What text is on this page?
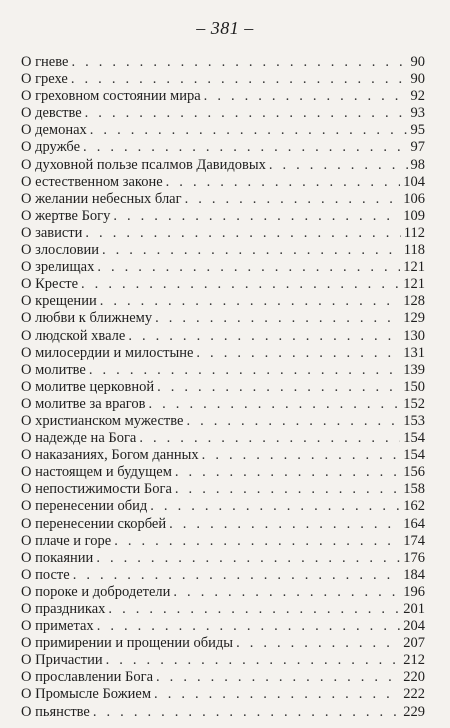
– 381 –
О гневе . . .	90
О грехе . . .	90
О греховном состоянии мира . . .	92
О девстве . . .	93
О демонах . . .	95
О дружбе . . .	97
О духовной пользе псалмов Давидовых . . .	98
О естественном законе . . .	104
О желании небесных благ . . .	106
О жертве Богу . . .	109
О зависти . . .	112
О злословии . . .	118
О зрелищах . . .	121
О Кресте . . .	121
О крещении . . .	128
О любви к ближнему . . .	129
О людской хвале . . .	130
О милосердии и милостыне . . .	131
О молитве . . .	139
О молитве церковной . . .	150
О молитве за врагов . . .	152
О христианском мужестве . . .	153
О надежде на Бога . . .	154
О наказаниях, Богом данных . . .	154
О настоящем и будущем . . .	156
О непостижимости Бога . . .	158
О перенесении обид . . .	162
О перенесении скорбей . . .	164
О плаче и горе . . .	174
О покаянии . . .	176
О посте . . .	184
О пороке и добродетели . . .	196
О праздниках . . .	201
О приметах . . .	204
О примирении и прощении обиды . . .	207
О Причастии . . .	212
О прославлении Бога . . .	220
О Промысле Божием . . .	222
О пьянстве . . .	229
